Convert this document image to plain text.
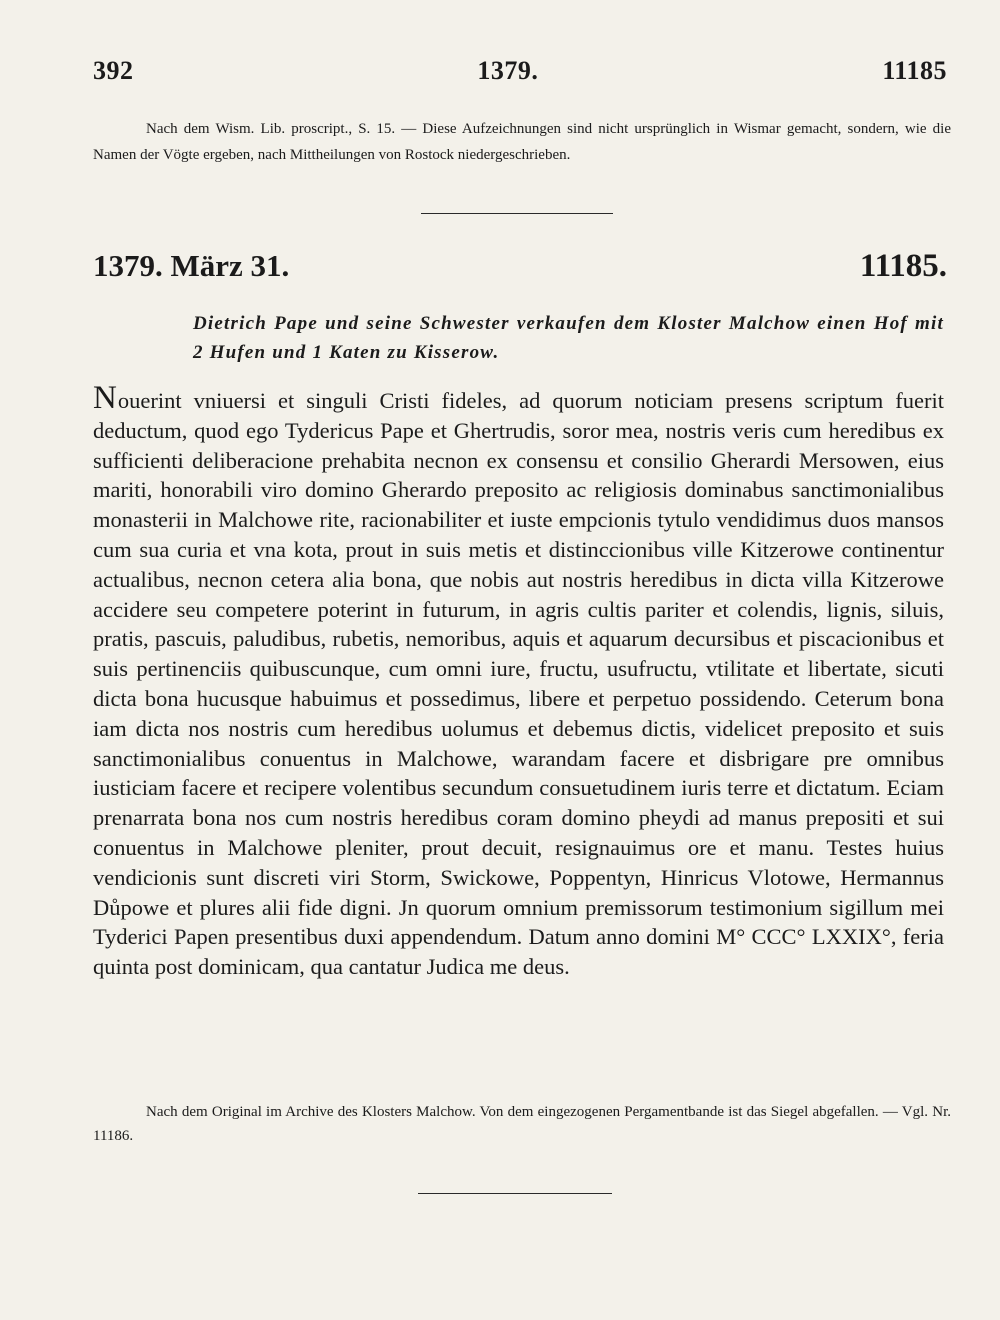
392	1379.	11185

Nach dem Wism. Lib. proscript., S. 15. — Diese Aufzeichnungen sind nicht ursprünglich in Wismar gemacht, sondern, wie die Namen der Vögte ergeben, nach Mittheilungen von Rostock niedergeschrieben.

1379. März 31.	11185.

Dietrich Pape und seine Schwester verkaufen dem Kloster Malchow einen Hof mit 2 Hufen und 1 Katen zu Kisserow.

Nouerint vniuersi et singuli Cristi fideles, ad quorum noticiam presens scriptum fuerit deductum, quod ego Tydericus Pape et Ghertrudis, soror mea, nostris veris cum heredibus ex sufficienti deliberacione prehabita necnon ex consensu et consilio Gherardi Mersowen, eius mariti, honorabili viro domino Gherardo preposito ac religiosis dominabus sanctimonialibus monasterii in Malchowe rite, racionabiliter et iuste empcionis tytulo vendidimus duos mansos cum sua curia et vna kota, prout in suis metis et distinccionibus ville Kitzerowe continentur actualibus, necnon cetera alia bona, que nobis aut nostris heredibus in dicta villa Kitzerowe accidere seu competere poterint in futurum, in agris cultis pariter et colendis, lignis, siluis, pratis, pascuis, paludibus, rubetis, nemoribus, aquis et aquarum decursibus et piscacionibus et suis pertinenciis quibuscunque, cum omni iure, fructu, usufructu, vtilitate et libertate, sicuti dicta bona hucusque habuimus et possedimus, libere et perpetuo possidendo. Ceterum bona iam dicta nos nostris cum heredibus uolumus et debemus dictis, videlicet preposito et suis sanctimonialibus conuentus in Malchowe, warandam facere et disbrigare pre omnibus iusticiam facere et recipere volentibus secundum consuetudinem iuris terre et dictatum. Eciam prenarrata bona nos cum nostris heredibus coram domino pheydi ad manus prepositi et sui conuentus in Malchowe pleniter, prout decuit, resignauimus ore et manu. Testes huius vendicionis sunt discreti viri Storm, Swickowe, Poppentyn, Hinricus Vlotowe, Hermannus Důpowe et plures alii fide digni. Jn quorum omnium premissorum testimonium sigillum mei Tyderici Papen presentibus duxi appendendum. Datum anno domini M° CCC° LXXIX°, feria quinta post dominicam, qua cantatur Judica me deus.

Nach dem Original im Archive des Klosters Malchow. Von dem eingezogenen Pergamentbande ist das Siegel abgefallen. — Vgl. Nr. 11186.
